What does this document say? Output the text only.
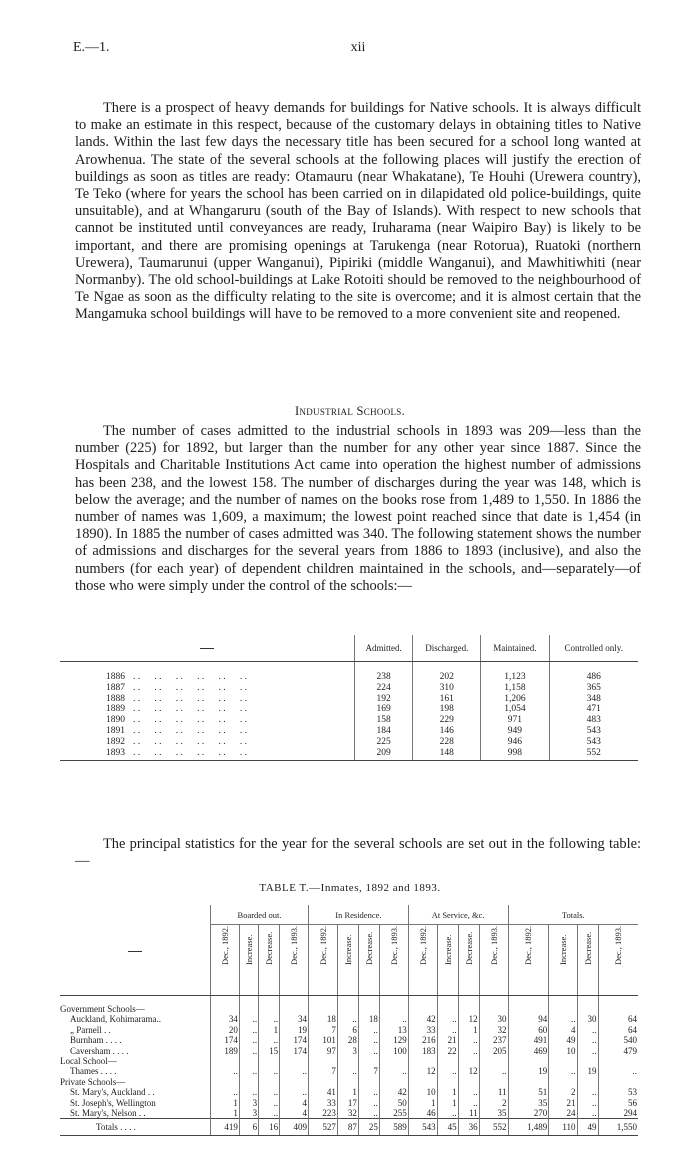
E.—1.	xii

There is a prospect of heavy demands for buildings for Native schools. It is always difficult to make an estimate in this respect, because of the customary delays in obtaining titles to Native lands. Within the last few days the necessary title has been secured for a school long wanted at Arowhenua. The state of the several schools at the following places will justify the erection of buildings as soon as titles are ready: Otamauru (near Whakatane), Te Houhi (Urewera country), Te Teko (where for years the school has been carried on in dilapidated old police-buildings, quite unsuitable), and at Whangaruru (south of the Bay of Islands). With respect to new schools that cannot be instituted until conveyances are ready, Iruharama (near Waipiro Bay) is likely to be important, and there are promising openings at Tarukenga (near Rotorua), Ruatoki (northern Urewera), Taumarunui (upper Wanganui), Pipiriki (middle Wanganui), and Mawhitiwhiti (near Normanby). The old school-buildings at Lake Rotoiti should be removed to the neighbourhood of Te Ngae as soon as the difficulty relating to the site is overcome; and it is almost certain that the Mangamuka school buildings will have to be removed to a more convenient site and reopened.

Industrial Schools.

The number of cases admitted to the industrial schools in 1893 was 209—less than the number (225) for 1892, but larger than the number for any other year since 1887. Since the Hospitals and Charitable Institutions Act came into operation the highest number of admissions has been 238, and the lowest 158. The number of discharges during the year was 148, which is below the average; and the number of names on the books rose from 1,489 to 1,550. In 1886 the number of names was 1,609, a maximum; the lowest point reached since that date is 1,454 (in 1890). In 1885 the number of cases admitted was 340. The following statement shows the number of admissions and discharges for the several years from 1886 to 1893 (inclusive), and also the numbers (for each year) of dependent children maintained in the schools, and—separately—of those who were simply under the control of the schools:—

	Admitted.	Discharged.	Maintained.	Controlled only.

1886 . .      . .      . .      . .      . .      . .	238	202	1,123	486
1887 . .      . .      . .      . .      . .      . .	224	310	1,158	365
1888 . .      . .      . .      . .      . .      . .	192	161	1,206	348
1889 . .      . .      . .      . .      . .      . .	169	198	1,054	471
1890 . .      . .      . .      . .      . .      . .	158	229	971	483
1891 . .      . .      . .      . .      . .      . .	184	146	949	543
1892 . .      . .      . .      . .      . .      . .	225	228	946	543
1893 . .      . .      . .      . .      . .      . .	209	148	998	552

The principal statistics for the year for the several schools are set out in the following table:—

TABLE T.—Inmates, 1892 and 1893.
	Boarded out.				In Residence.				At Service, &c.				Totals.			
	Dec., 1892.	Increase.	Decrease.	Dec., 1893.	Dec., 1892.	Increase.	Decrease.	Dec., 1893.	Dec., 1892.	Increase.	Decrease.	Dec., 1893.	Dec., 1892.	Increase.	Decrease.	Dec., 1893.

Government Schools—																
Auckland, Kohimarama..	34	..	..	34	18	..	18	..	42	..	12	30	94	..	30	64
„ Parnell . .	20	..	1	19	7	6	..	13	33	..	1	32	60	4	..	64
Burnham . . . .	174	..	..	174	101	28	..	129	216	21	..	237	491	49	..	540
Caversham . . . .	189	..	15	174	97	3	..	100	183	22	..	205	469	10	..	479
Local School—																
Thames . . . .	..	..	..	..	7	..	7	..	12	..	12	..	19	..	19	..
Private Schools—																
St. Mary's, Auckland . .	..	..	..	..	41	1	..	42	10	1	..	11	51	2	..	53
St. Joseph's, Wellington	1	3	..	4	33	17	..	50	1	1	..	2	35	21	..	56
St. Mary's, Nelson . .	1	3	..	4	223	32	..	255	46	..	11	35	270	24	..	294
Totals . . . .	419	6	16	409	527	87	25	589	543	45	36	552	1,489	110	49	1,550
